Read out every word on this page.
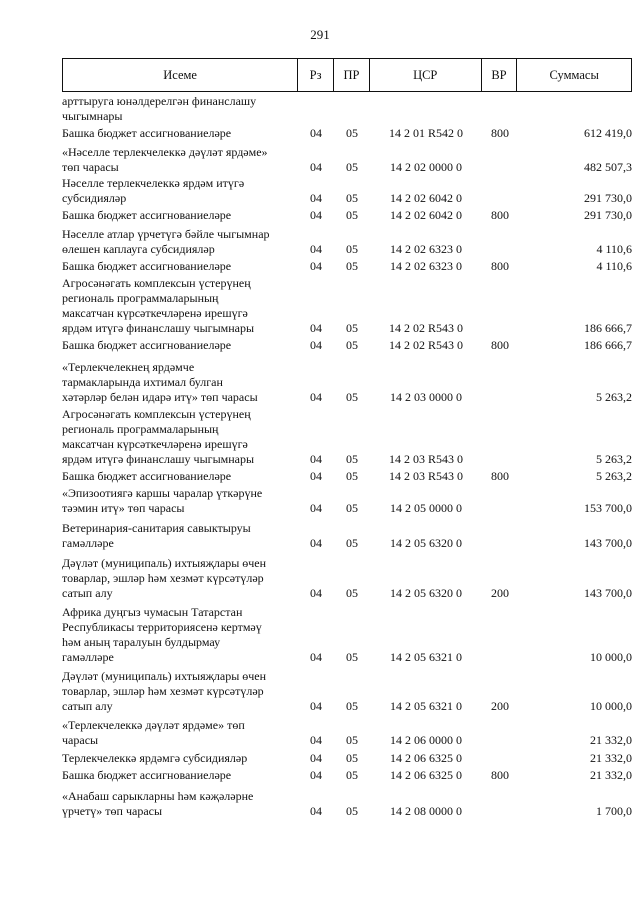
291
Исеме	Рз	ПР	ЦСР	ВР	Суммасы
арттыруга юнәлдерелгән финанслашу
чыгымнары
Башка бюджет ассигнованиеләре	04	05	14 2 01 R542 0	800	612 419,0
«Нәселле терлекчелеккә дәүләт ярдәме»
төп чарасы	04	05	14 2 02 0000 0	482 507,3
Нәселле терлекчелеккә ярдәм итүгә
субсидияләр	04	05	14 2 02 6042 0	291 730,0
Башка бюджет ассигнованиеләре	04	05	14 2 02 6042 0	800	291 730,0
Нәселле атлар үрчетүгә бәйле чыгымнар
өлешен каплауга субсидияләр	04	05	14 2 02 6323 0	4 110,6
Башка бюджет ассигнованиеләре	04	05	14 2 02 6323 0	800	4 110,6
Агросәнәгать комплексын үстерүнең
региональ программаларының
максатчан күрсәткечләренә ирешүгә
ярдәм итүгә финанслашу чыгымнары	04	05	14 2 02 R543 0	186 666,7
Башка бюджет ассигнованиеләре	04	05	14 2 02 R543 0	800	186 666,7
«Терлекчелекнең ярдәмче
тармакларында ихтимал булган
хәтәрләр белән идарә итү» төп чарасы	04	05	14 2 03 0000 0	5 263,2
Агросәнәгать комплексын үстерүнең
региональ программаларының
максатчан күрсәткечләренә ирешүгә
ярдәм итүгә финанслашу чыгымнары	04	05	14 2 03 R543 0	5 263,2
Башка бюджет ассигнованиеләре	04	05	14 2 03 R543 0	800	5 263,2
«Эпизоотиягә каршы чаралар үткәрүне
тәэмин итү» төп чарасы	04	05	14 2 05 0000 0	153 700,0
Ветеринария-санитария савыктыруы
гамәлләре	04	05	14 2 05 6320 0	143 700,0
Дәүләт (муниципаль) ихтыяҗлары өчен
товарлар, эшләр һәм хезмәт күрсәтүләр
сатып алу	04	05	14 2 05 6320 0	200	143 700,0
Африка дуңгыз чумасын Татарстан
Республикасы территориясенә кертмәү
һәм аның таралуын булдырмау
гамәлләре	04	05	14 2 05 6321 0	10 000,0
Дәүләт (муниципаль) ихтыяҗлары өчен
товарлар, эшләр һәм хезмәт күрсәтүләр
сатып алу	04	05	14 2 05 6321 0	200	10 000,0
«Терлекчелеккә дәүләт ярдәме» төп
чарасы	04	05	14 2 06 0000 0	21 332,0
Терлекчелеккә ярдәмгә субсидияләр	04	05	14 2 06 6325 0	21 332,0
Башка бюджет ассигнованиеләре	04	05	14 2 06 6325 0	800	21 332,0
«Анабаш сарыкларны һәм кәҗәләрне
үрчетү» төп чарасы	04	05	14 2 08 0000 0	1 700,0
